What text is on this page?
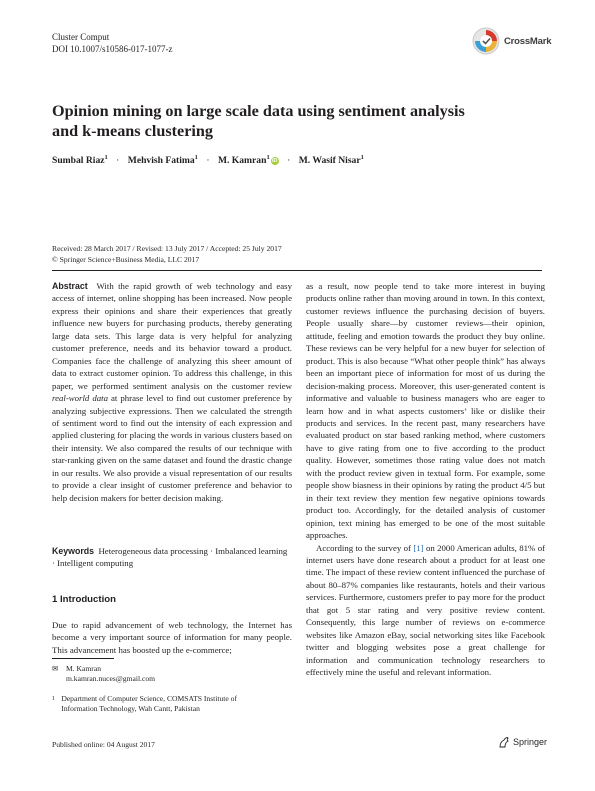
Cluster Comput
DOI 10.1007/s10586-017-1077-z
CrossMark
Opinion mining on large scale data using sentiment analysis
and k-means clustering
Sumbal Riaz$^1$ · Mehvish Fatima$^1$ · M. Kamran$^1$iD · M. Wasif Nisar$^1$
Received: 28 March 2017 / Revised: 13 July 2017 / Accepted: 25 July 2017
© Springer Science+Business Media, LLC 2017

Abstract With the rapid growth of web technology and easy access of internet, online shopping has been increased. Now people express their opinions and share their experiences that greatly influence new buyers for purchasing products, thereby generating large data sets. This large data is very helpful for analyzing customer preference, needs and its behavior toward a product. Companies face the challenge of analyzing this sheer amount of data to extract customer opinion. To address this challenge, in this paper, we performed sentiment analysis on the customer review real-world data at phrase level to find out customer preference by analyzing subjective expressions. Then we calculated the strength of sentiment word to find out the intensity of each expression and applied clustering for placing the words in various clusters based on their intensity. We also compared the results of our technique with star-ranking given on the same dataset and found the drastic change in our results. We also provide a visual representation of our results to provide a clear insight of customer preference and behavior to help decision makers for better decision making.

Keywords Heterogeneous data processing · Imbalanced learning · Intelligent computing

1 Introduction

Due to rapid advancement of web technology, the Internet has become a very important source of information for many people. This advancement has boosted up the e-commerce;

✉ M. Kamran
m.kamran.nuces@gmail.com
1 Department of Computer Science, COMSATS Institute of Information Technology, Wah Cantt, Pakistan

as a result, now people tend to take more interest in buying products online rather than moving around in town. In this context, customer reviews influence the purchasing decision of buyers. People usually share—by customer reviews—their opinion, attitude, feeling and emotion towards the product they buy online. These reviews can be very helpful for a new buyer for selection of product. This is also because “What other people think” has always been an important piece of information for most of us during the decision-making process. Moreover, this user-generated content is informative and valuable to business managers who are eager to learn how and in what aspects customers’ like or dislike their products and services. In the recent past, many researchers have evaluated product on star based ranking method, where customers have to give rating from one to five according to the product quality. However, sometimes those rating value does not match with the product review given in textual form. For example, some people show biasness in their opinions by rating the product 4/5 but in their text review they mention few negative opinions towards product too. Accordingly, for the detailed analysis of customer opinion, text mining has emerged to be one of the most suitable approaches.

According to the survey of [1] on 2000 American adults, 81% of internet users have done research about a product for at least one time. The impact of these review content influenced the purchase of about 80–87% companies like restaurants, hotels and their various services. Furthermore, customers prefer to pay more for the product that got 5 star rating and very positive review content. Consequently, this large number of reviews on e-commerce websites like Amazon eBay, social networking sites like Facebook twitter and blogging websites pose a great challenge for information and communication technology researchers to effectively mine the useful and relevant information.

Published online: 04 August 2017	Springer
